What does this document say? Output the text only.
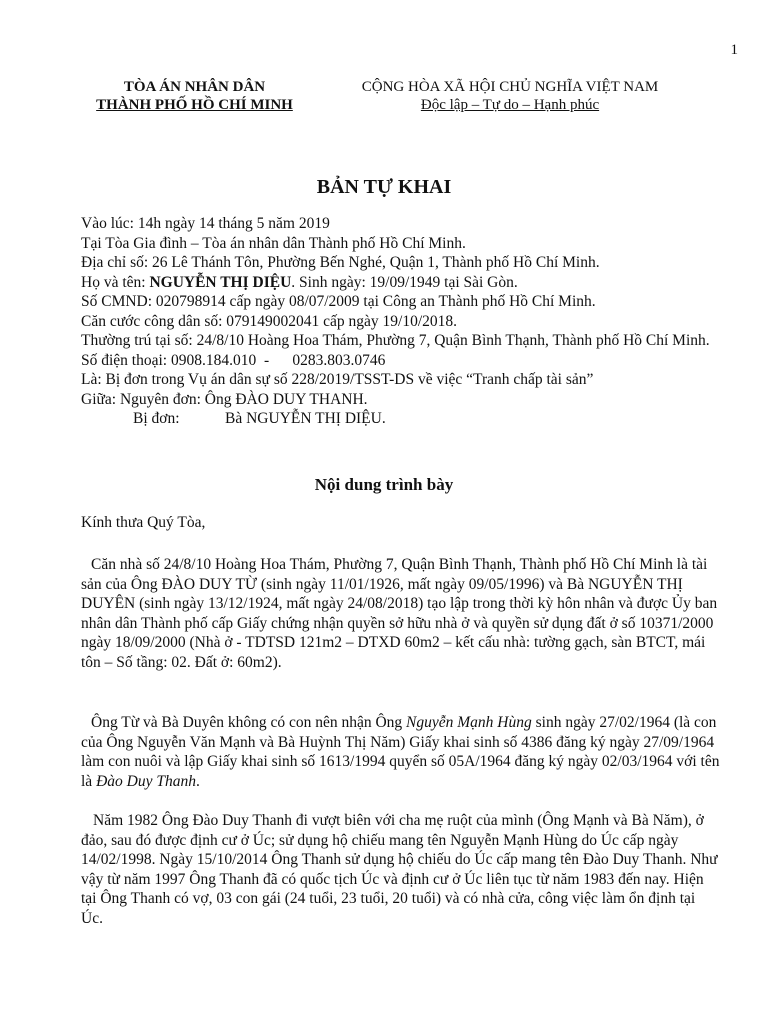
1
TÒA ÁN NHÂN DÂN
THÀNH PHỐ HỒ CHÍ MINH
CỘNG HÒA XÃ HỘI CHỦ NGHĨA VIỆT NAM
Độc lập – Tự do – Hạnh phúc
BẢN TỰ KHAI
Vào lúc: 14h ngày 14 tháng 5 năm 2019
Tại Tòa Gia đình – Tòa án nhân dân Thành phố Hồ Chí Minh.
Địa chỉ số: 26 Lê Thánh Tôn, Phường Bến Nghé, Quận 1, Thành phố Hồ Chí Minh.
Họ và tên: NGUYỄN THỊ DIỆU. Sinh ngày: 19/09/1949 tại Sài Gòn.
Số CMND: 020798914 cấp ngày 08/07/2009 tại Công an Thành phố Hồ Chí Minh.
Căn cước công dân số: 079149002041 cấp ngày 19/10/2018.
Thường trú tại số: 24/8/10 Hoàng Hoa Thám, Phường 7, Quận Bình Thạnh, Thành phố Hồ Chí Minh.
Số điện thoại: 0908.184.010  -      0283.803.0746
Là: Bị đơn trong Vụ án dân sự số 228/2019/TSST-DS về việc “Tranh chấp tài sản”
Giữa: Nguyên đơn: Ông ĐÀO DUY THANH.
Bị đơn:	Bà NGUYỄN THỊ DIỆU.
Nội dung trình bày
Kính thưa Quý Tòa,
Căn nhà số 24/8/10 Hoàng Hoa Thám, Phường 7, Quận Bình Thạnh, Thành phố Hồ Chí Minh là tài sản của Ông ĐÀO DUY TỪ (sinh ngày 11/01/1926, mất ngày 09/05/1996) và Bà NGUYỄN THỊ DUYÊN (sinh ngày 13/12/1924, mất ngày 24/08/2018) tạo lập trong thời kỳ hôn nhân và được Ủy ban nhân dân Thành phố cấp Giấy chứng nhận quyền sở hữu nhà ở và quyền sử dụng đất ở số 10371/2000 ngày 18/09/2000 (Nhà ở - TDTSD 121m2 – DTXD 60m2 – kết cấu nhà: tường gạch, sàn BTCT, mái tôn – Số tầng: 02. Đất ở: 60m2).
Ông Từ và Bà Duyên không có con nên nhận Ông Nguyễn Mạnh Hùng sinh ngày 27/02/1964 (là con của Ông Nguyễn Văn Mạnh và Bà Huỳnh Thị Năm) Giấy khai sinh số 4386 đăng ký ngày 27/09/1964 làm con nuôi và lập Giấy khai sinh số 1613/1994 quyển số 05A/1964 đăng ký ngày 02/03/1964 với tên là Đào Duy Thanh.
Năm 1982 Ông Đào Duy Thanh đi vượt biên với cha mẹ ruột của mình (Ông Mạnh và Bà Năm), ở đảo, sau đó được định cư ở Úc; sử dụng hộ chiếu mang tên Nguyễn Mạnh Hùng do Úc cấp ngày 14/02/1998. Ngày 15/10/2014 Ông Thanh sử dụng hộ chiếu do Úc cấp mang tên Đào Duy Thanh. Như vậy từ năm 1997 Ông Thanh đã có quốc tịch Úc và định cư ở Úc liên tục từ năm 1983 đến nay. Hiện tại Ông Thanh có vợ, 03 con gái (24 tuổi, 23 tuổi, 20 tuổi) và có nhà cửa, công việc làm ổn định tại Úc.
